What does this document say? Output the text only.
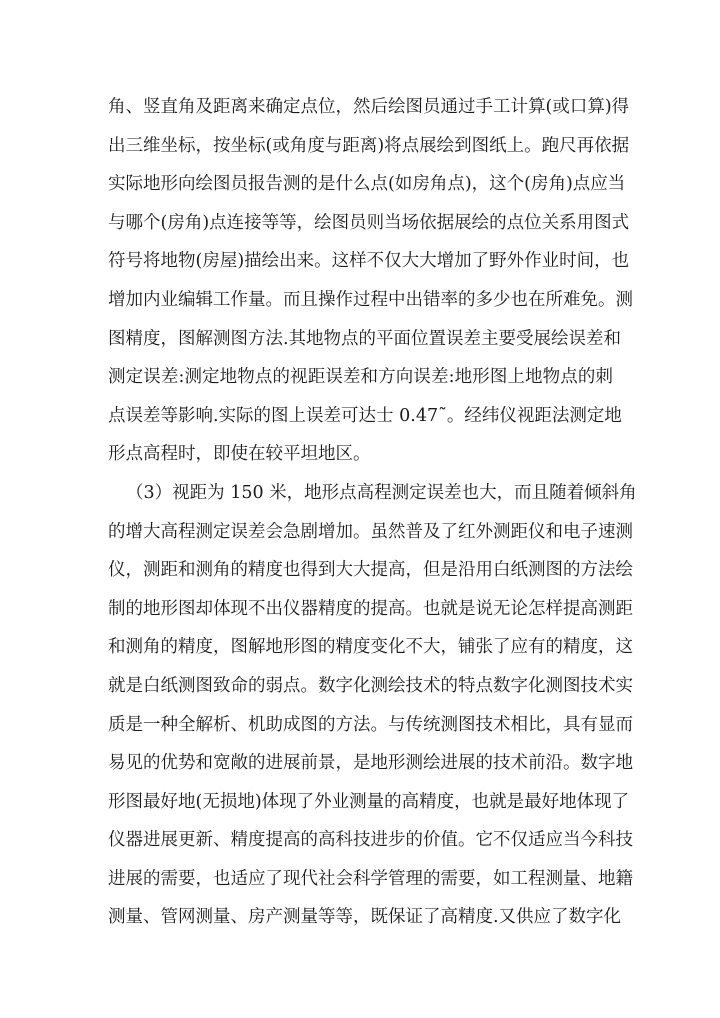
角、竖直角及距离来确定点位，然后绘图员通过手工计算(或口算)得
出三维坐标，按坐标(或角度与距离)将点展绘到图纸上。跑尺再依据
实际地形向绘图员报告测的是什么点(如房角点)，这个(房角)点应当
与哪个(房角)点连接等等，绘图员则当场依据展绘的点位关系用图式
符号将地物(房屋)描绘出来。这样不仅大大增加了野外作业时间，也
增加内业编辑工作量。而且操作过程中出错率的多少也在所难免。测
图精度，图解测图方法.其地物点的平面位置误差主要受展绘误差和
测定误差:测定地物点的视距误差和方向误差:地形图上地物点的刺
点误差等影响.实际的图上误差可达士 0.47˜。经纬仪视距法测定地
形点高程时，即使在较平坦地区。
（3）视距为 150 米，地形点高程测定误差也大，而且随着倾斜角
的增大高程测定误差会急剧增加。虽然普及了红外测距仪和电子速测
仪，测距和测角的精度也得到大大提高，但是沿用白纸测图的方法绘
制的地形图却体现不出仪器精度的提高。也就是说无论怎样提高测距
和测角的精度，图解地形图的精度变化不大，铺张了应有的精度，这
就是白纸测图致命的弱点。数字化测绘技术的特点数字化测图技术实
质是一种全解析、机助成图的方法。与传统测图技术相比，具有显而
易见的优势和宽敞的进展前景，是地形测绘进展的技术前沿。数字地
形图最好地(无损地)体现了外业测量的高精度，也就是最好地体现了
仪器进展更新、精度提高的高科技进步的价值。它不仅适应当今科技
进展的需要，也适应了现代社会科学管理的需要，如工程测量、地籍
测量、管网测量、房产测量等等，既保证了高精度.又供应了数字化
